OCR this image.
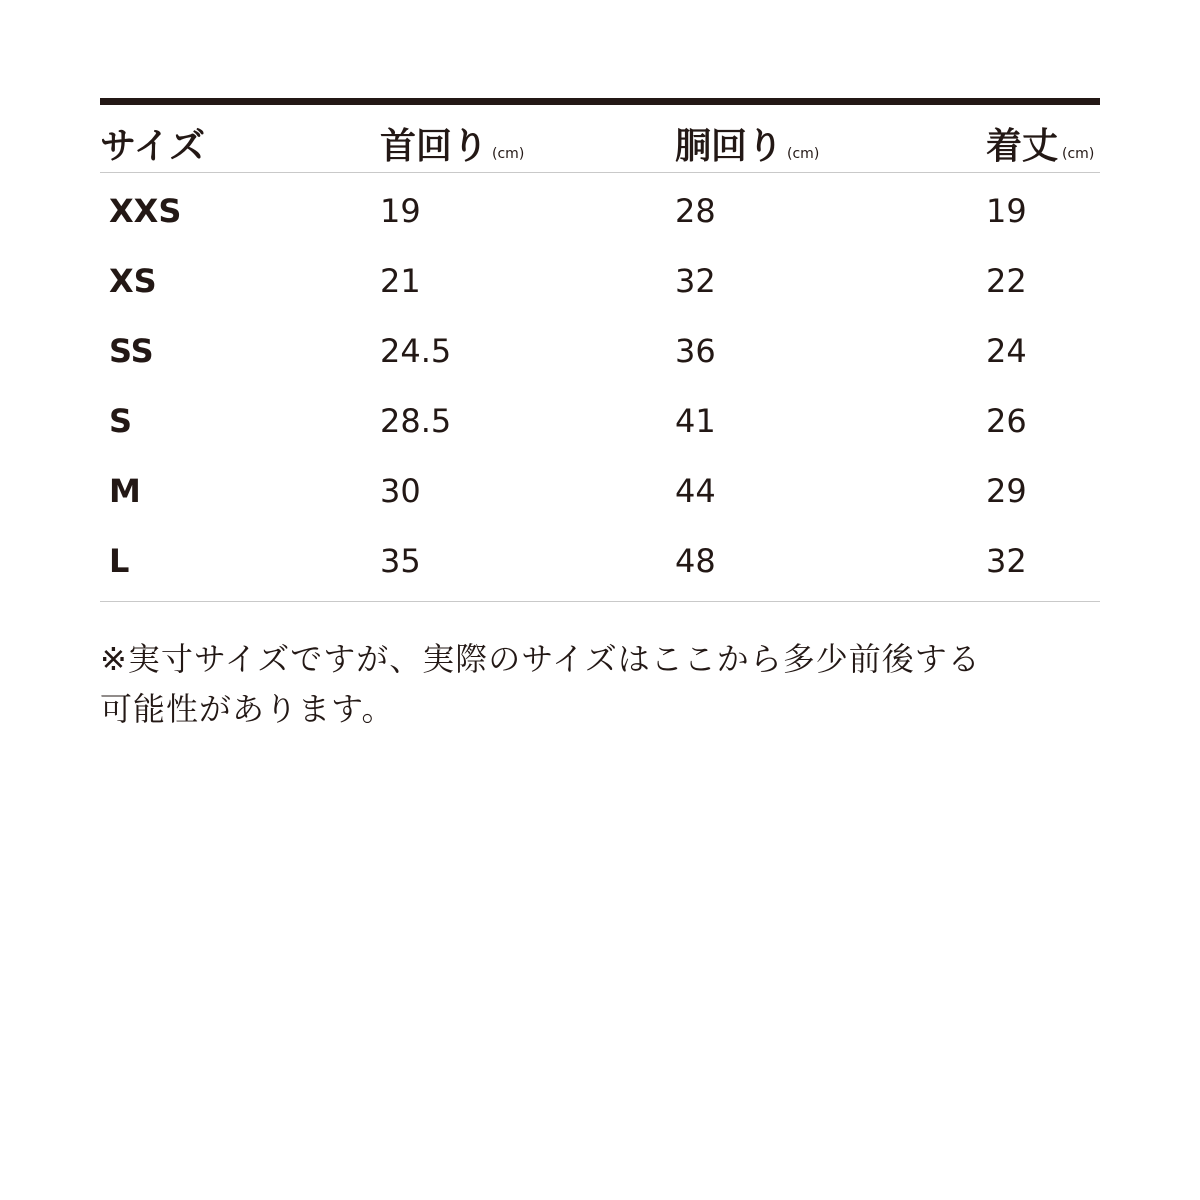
サイズ	首回り (cm)	胴回り (cm)	着丈 (cm)
XXS	19	28	19
XS	21	32	22
SS	24.5	36	24
S	28.5	41	26
M	30	44	29
L	35	48	32
※実寸サイズですが、実際のサイズはここから多少前後する
可能性があります。
